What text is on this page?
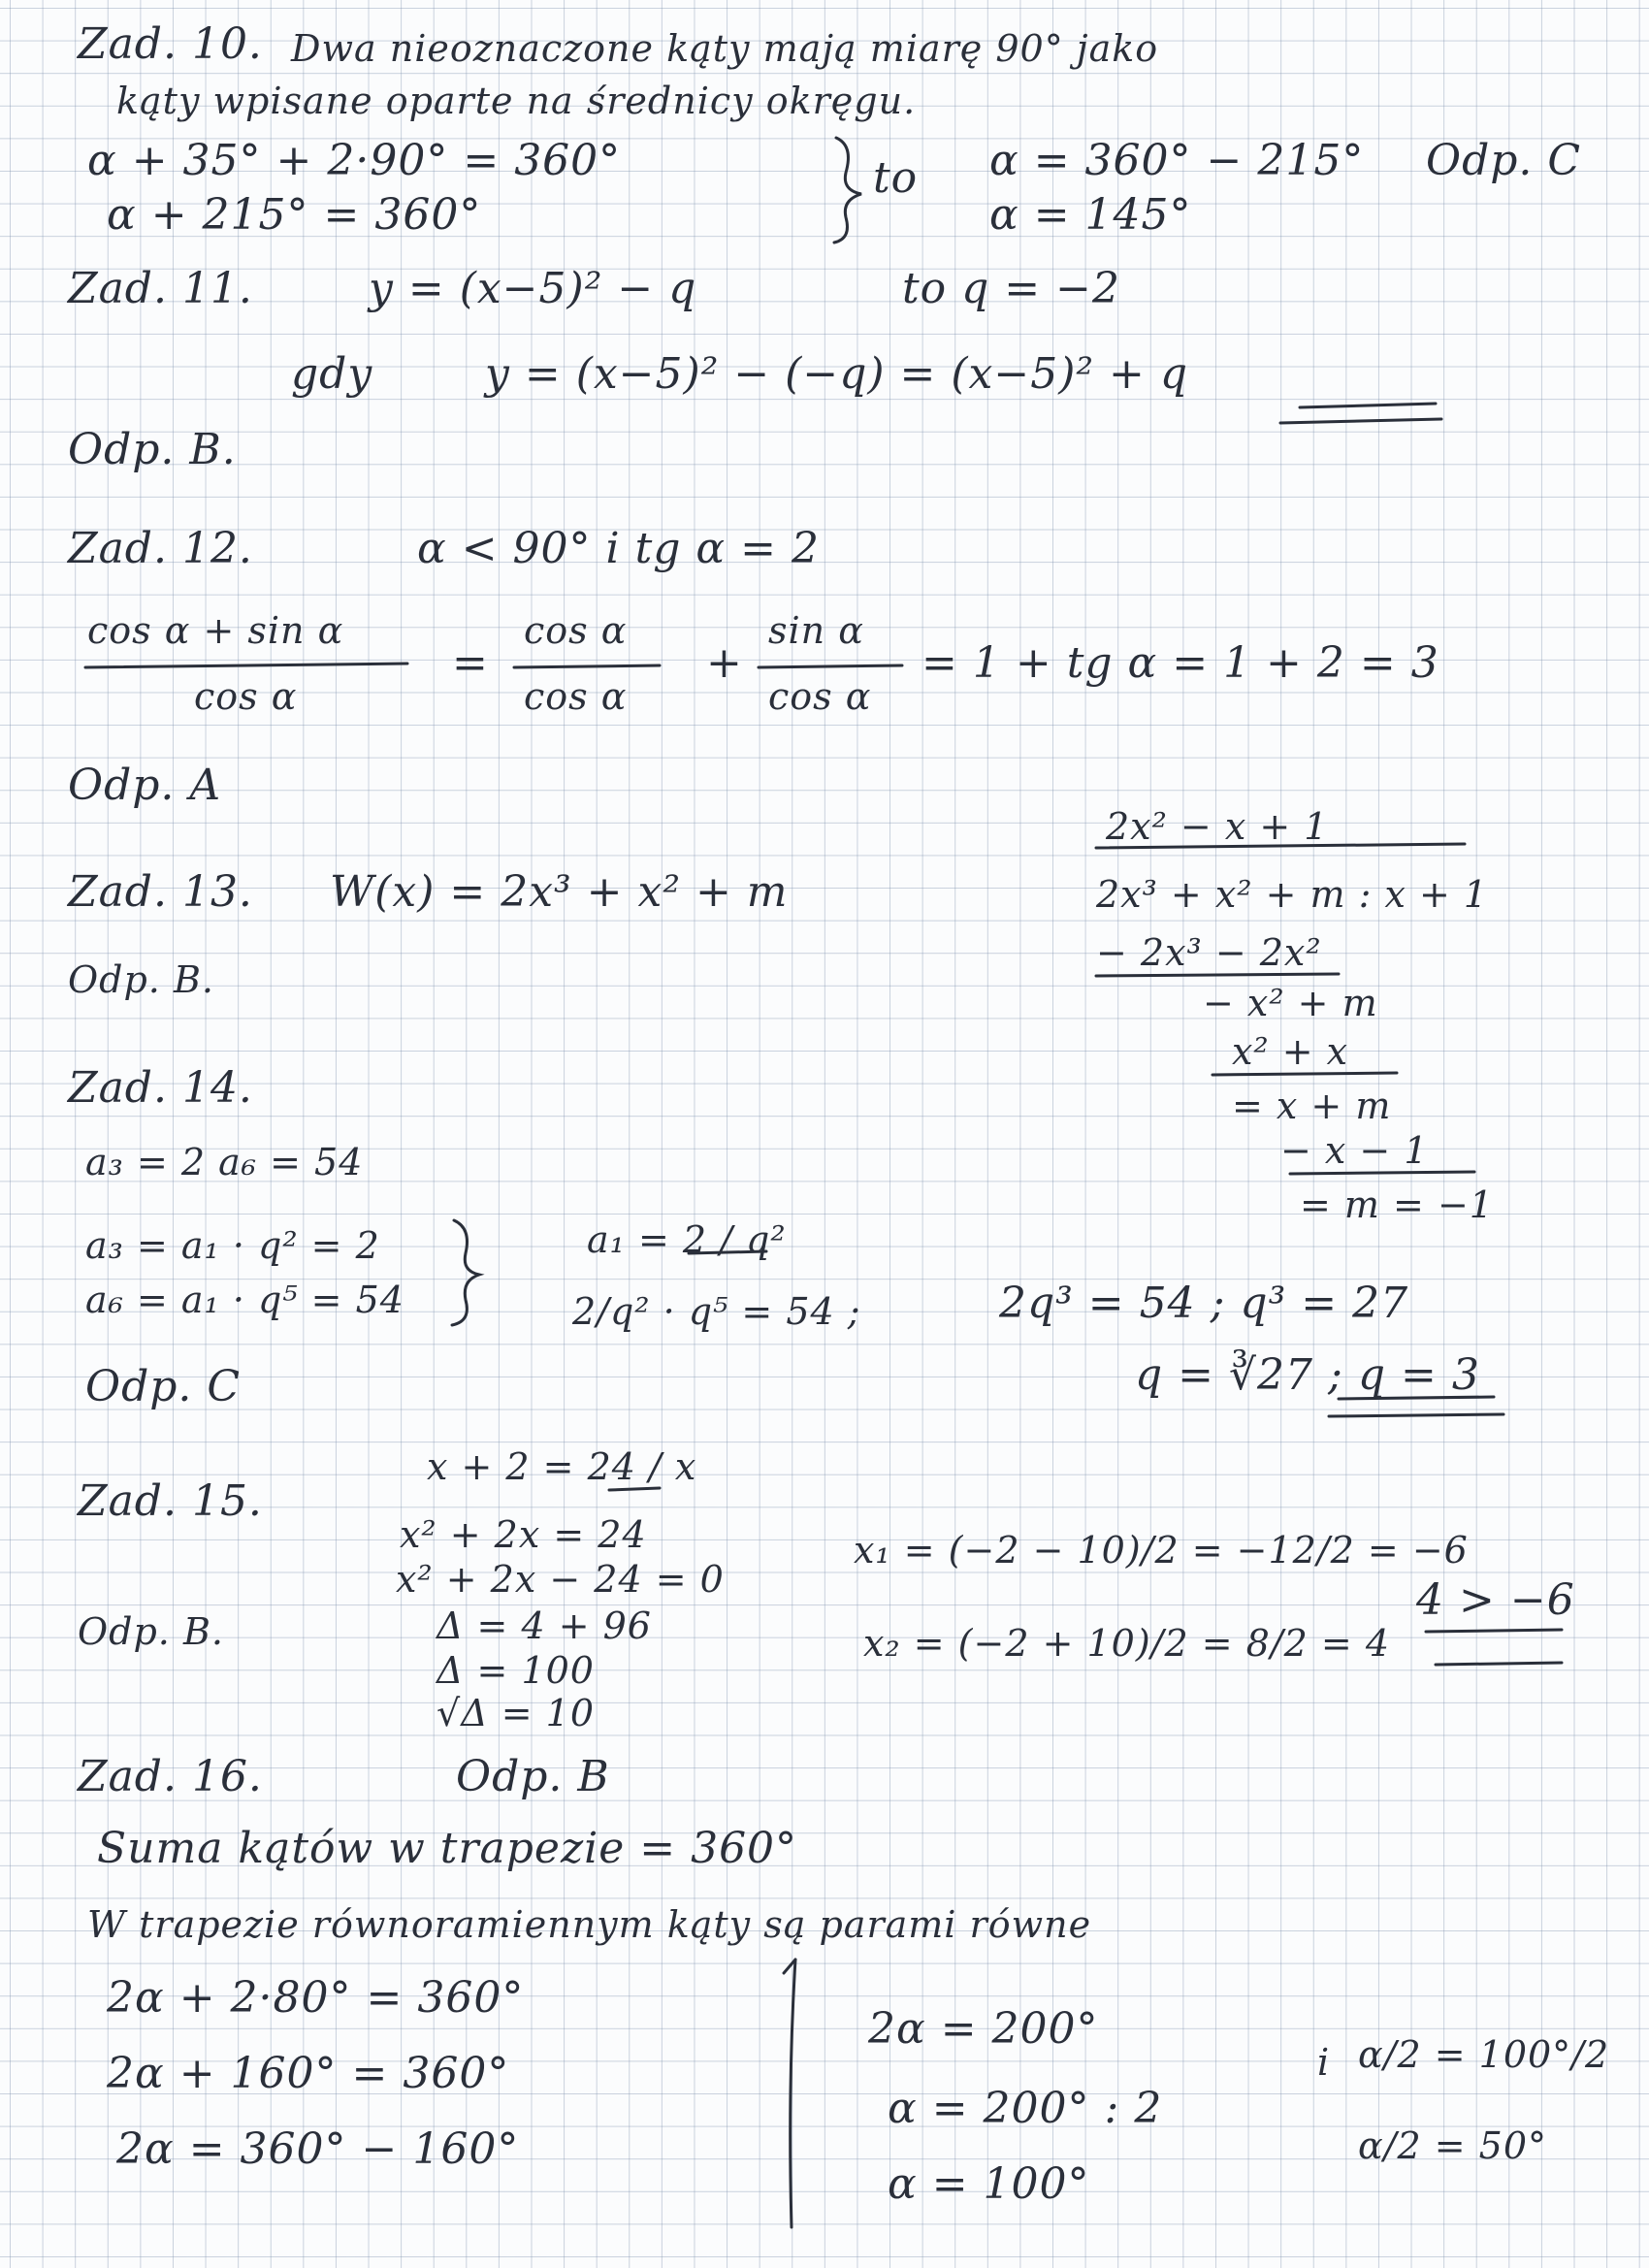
Zad. 10. Dwa nieoznaczone kąty mają miarę 90° jako
kąty wpisane oparte na średnicy okręgu.
α + 35° + 2·90° = 360°
α + 215° = 360°
to α = 360° − 215°
α = 145°
Odp. C
Zad. 11.	y = (x−5)² − q	to q = −2
gdy	y = (x−5)² − (−q) = (x−5)² + q
Odp. B.
Zad. 12.	α < 90° i tg α = 2
cos α + sin α
cos α
=
cos α
cos α
+
sin α
cos α
= 1 + tg α = 1 + 2 = 3
Odp. A
Zad. 13. W(x) = 2x³ + x² + m
Odp. B.
2x² − x + 1
2x³ + x² + m : x + 1
− 2x³ − 2x²
− x² + m
x² + x
= x + m
− x − 1
= m = −1
Zad. 14.
a₃ = 2 a₆ = 54
a₃ = a₁ · q² = 2
a₆ = a₁ · q⁵ = 54
a₁ = 2 / q²
2/q² · q⁵ = 54 ;	2q³ = 54 ; q³ = 27
q = ∛27 ; q = 3
Odp. C
Zad. 15.
x + 2 = 24 / x
x² + 2x = 24
x² + 2x − 24 = 0
Δ = 4 + 96
Δ = 100
√Δ = 10
x₁ = (−2 − 10)/2 = −12/2 = −6
x₂ = (−2 + 10)/2 = 8/2 = 4
4 > −6
Odp. B.
Zad. 16.	Odp. B
Suma kątów w trapezie = 360°
W trapezie równoramiennym kąty są parami równe
2α + 2·80° = 360°
2α + 160° = 360°
2α = 360° − 160°
2α = 200°
α = 200° : 2
α = 100°
i α/2 = 100°/2
α/2 = 50°
